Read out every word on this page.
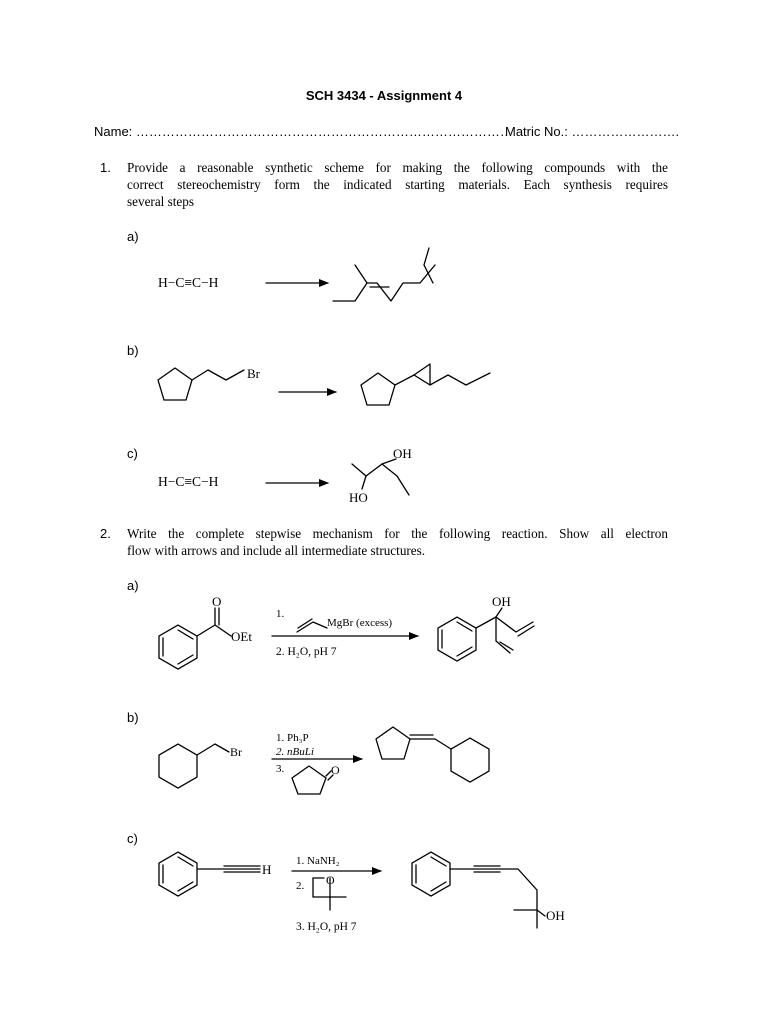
SCH 3434 - Assignment 4
Name: ……………………………………………………………………………
Matric No.: …………………….
1. Provide a reasonable synthetic scheme for making the following compounds with the
correct stereochemistry form the indicated starting materials. Each synthesis requires
several steps
a)
b)
c)
2. Write the complete stepwise mechanism for the following reaction. Show all electron
flow with arrows and include all intermediate structures.
a)
b)
c)
H−C≡C−H
Br
H−C≡C−H
OH
HO
O
OEt
1.
MgBr (excess)
2. H₂O, pH 7
OH
Br
1. Ph₃P
2. nBuLi
3.	O
H
1. NaNH₂
2. O
3. H₂O, pH 7
OH
